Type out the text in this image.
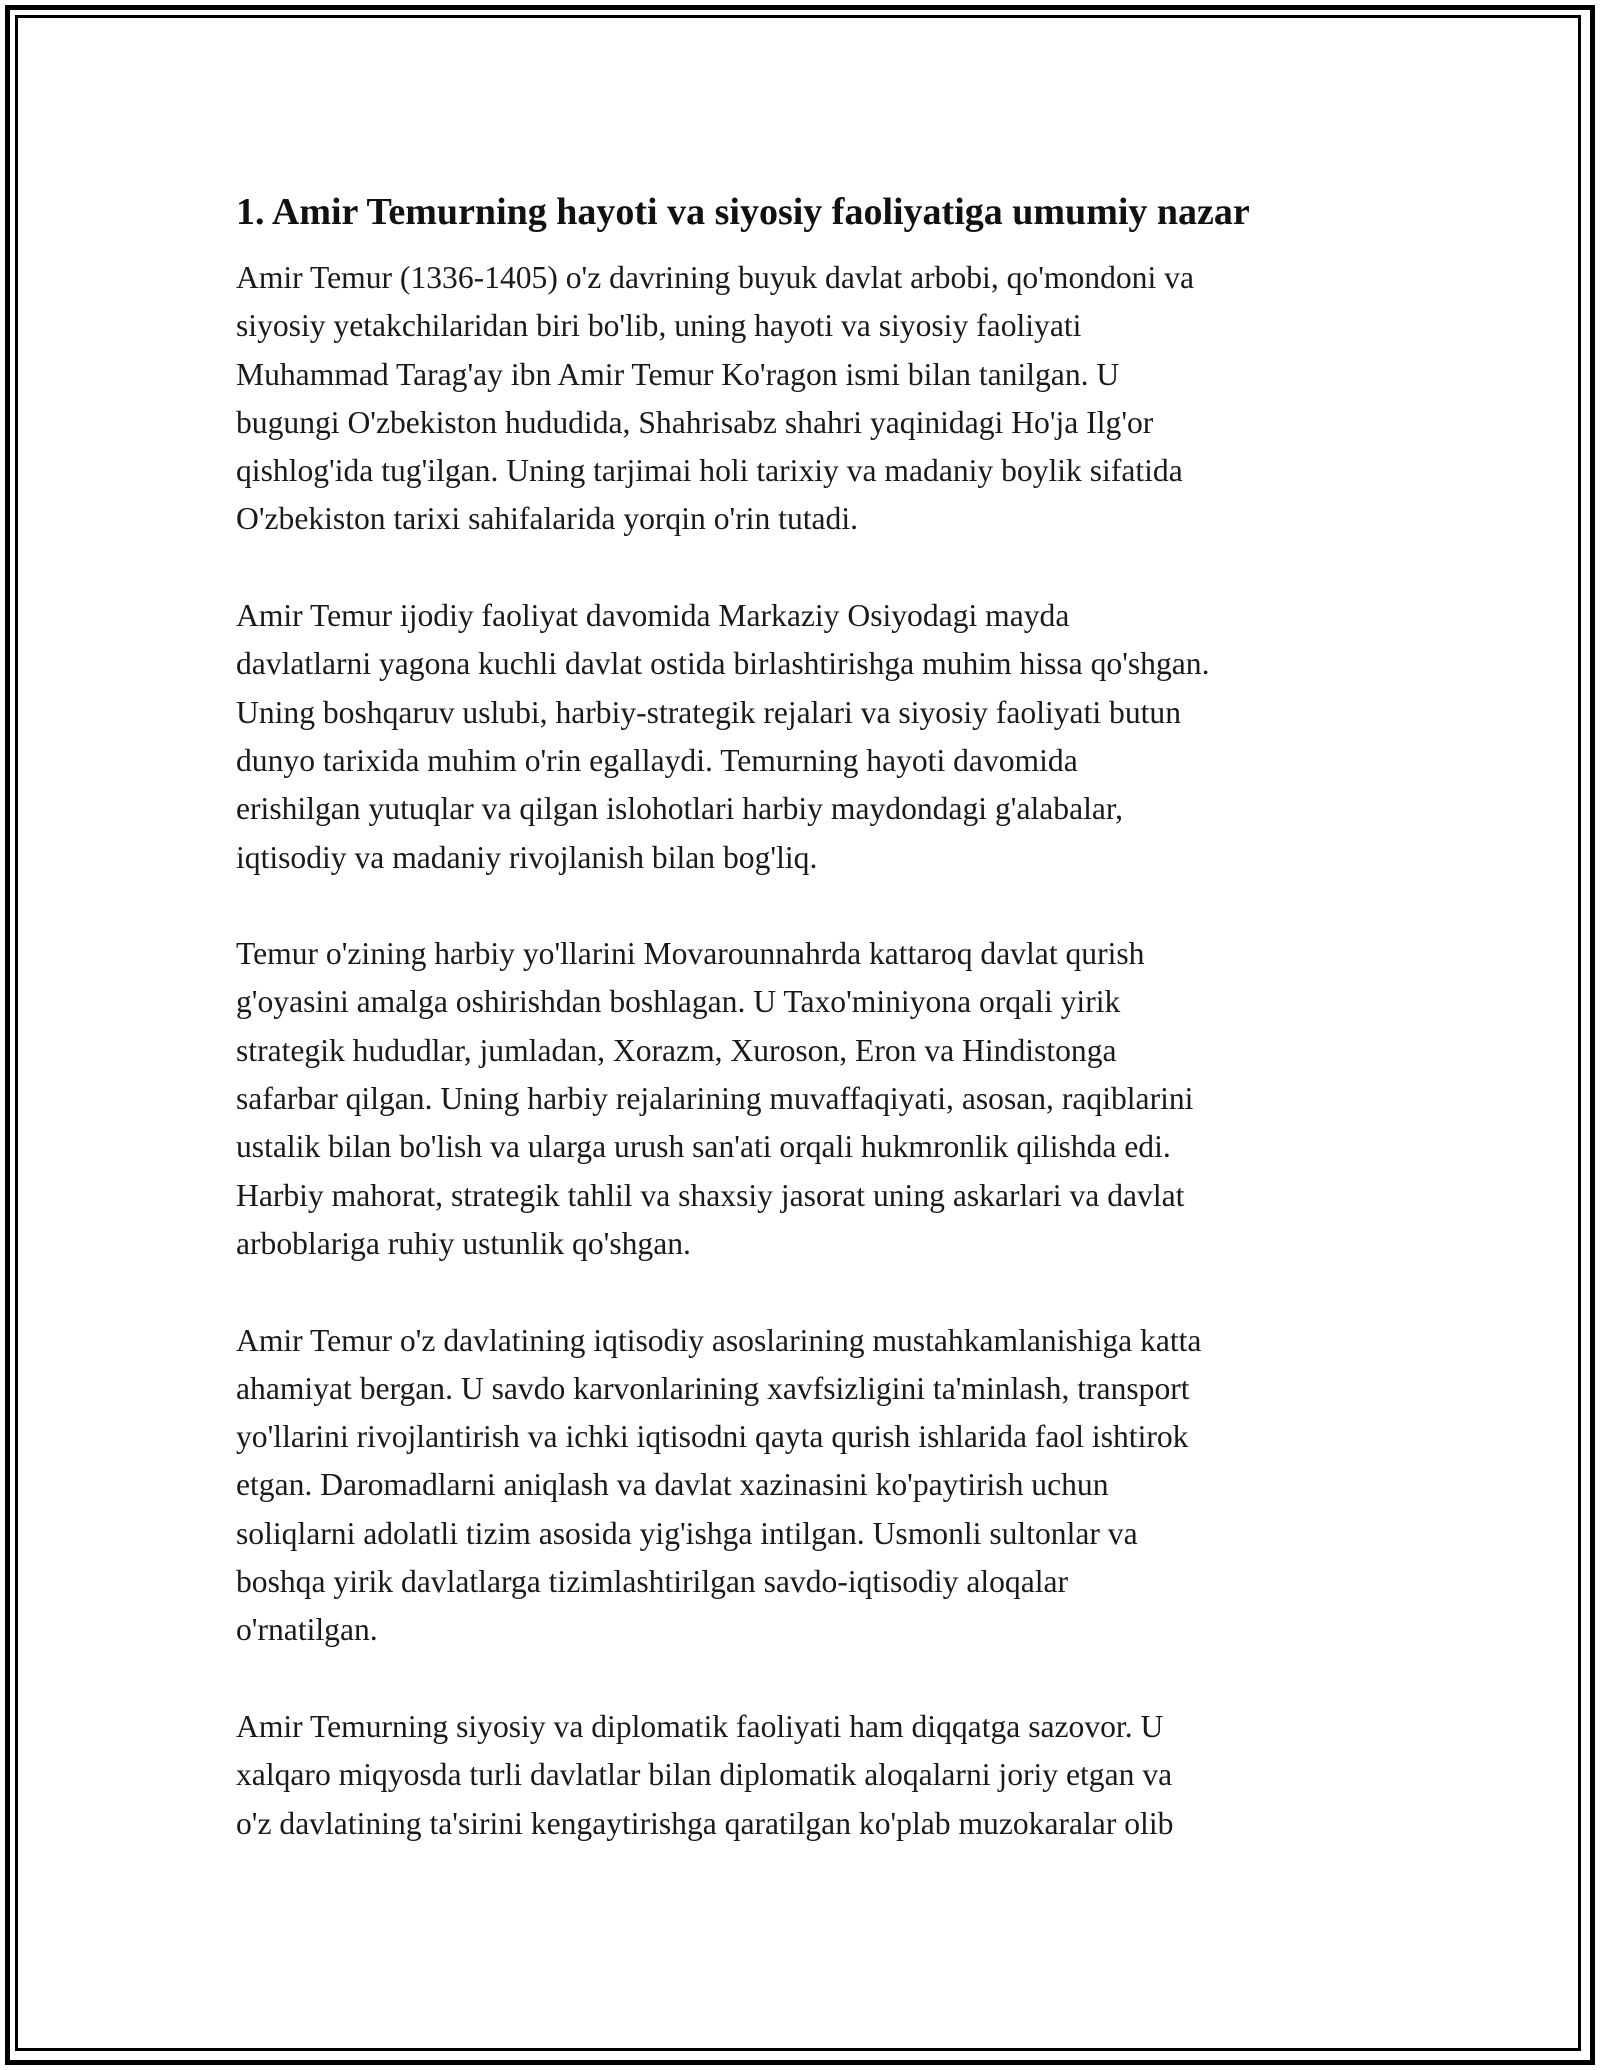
1. Amir Temurning hayoti va siyosiy faoliyatiga umumiy nazar
Amir Temur (1336-1405) o'z davrining buyuk davlat arbobi, qo'mondoni va
siyosiy yetakchilaridan biri bo'lib, uning hayoti va siyosiy faoliyati
Muhammad Tarag'ay ibn Amir Temur Ko'ragon ismi bilan tanilgan. U
bugungi O'zbekiston hududida, Shahrisabz shahri yaqinidagi Ho'ja Ilg'or
qishlog'ida tug'ilgan. Uning tarjimai holi tarixiy va madaniy boylik sifatida
O'zbekiston tarixi sahifalarida yorqin o'rin tutadi.
Amir Temur ijodiy faoliyat davomida Markaziy Osiyodagi mayda
davlatlarni yagona kuchli davlat ostida birlashtirishga muhim hissa qo'shgan.
Uning boshqaruv uslubi, harbiy-strategik rejalari va siyosiy faoliyati butun
dunyo tarixida muhim o'rin egallaydi. Temurning hayoti davomida
erishilgan yutuqlar va qilgan islohotlari harbiy maydondagi g'alabalar,
iqtisodiy va madaniy rivojlanish bilan bog'liq.
Temur o'zining harbiy yo'llarini Movarounnahrda kattaroq davlat qurish
g'oyasini amalga oshirishdan boshlagan. U Taxo'miniyona orqali yirik
strategik hududlar, jumladan, Xorazm, Xuroson, Eron va Hindistonga
safarbar qilgan. Uning harbiy rejalarining muvaffaqiyati, asosan, raqiblarini
ustalik bilan bo'lish va ularga urush san'ati orqali hukmronlik qilishda edi.
Harbiy mahorat, strategik tahlil va shaxsiy jasorat uning askarlari va davlat
arboblariga ruhiy ustunlik qo'shgan.
Amir Temur o'z davlatining iqtisodiy asoslarining mustahkamlanishiga katta
ahamiyat bergan. U savdo karvonlarining xavfsizligini ta'minlash, transport
yo'llarini rivojlantirish va ichki iqtisodni qayta qurish ishlarida faol ishtirok
etgan. Daromadlarni aniqlash va davlat xazinasini ko'paytirish uchun
soliqlarni adolatli tizim asosida yig'ishga intilgan. Usmonli sultonlar va
boshqa yirik davlatlarga tizimlashtirilgan savdo-iqtisodiy aloqalar
o'rnatilgan.
Amir Temurning siyosiy va diplomatik faoliyati ham diqqatga sazovor. U
xalqaro miqyosda turli davlatlar bilan diplomatik aloqalarni joriy etgan va
o'z davlatining ta'sirini kengaytirishga qaratilgan ko'plab muzokaralar olib
